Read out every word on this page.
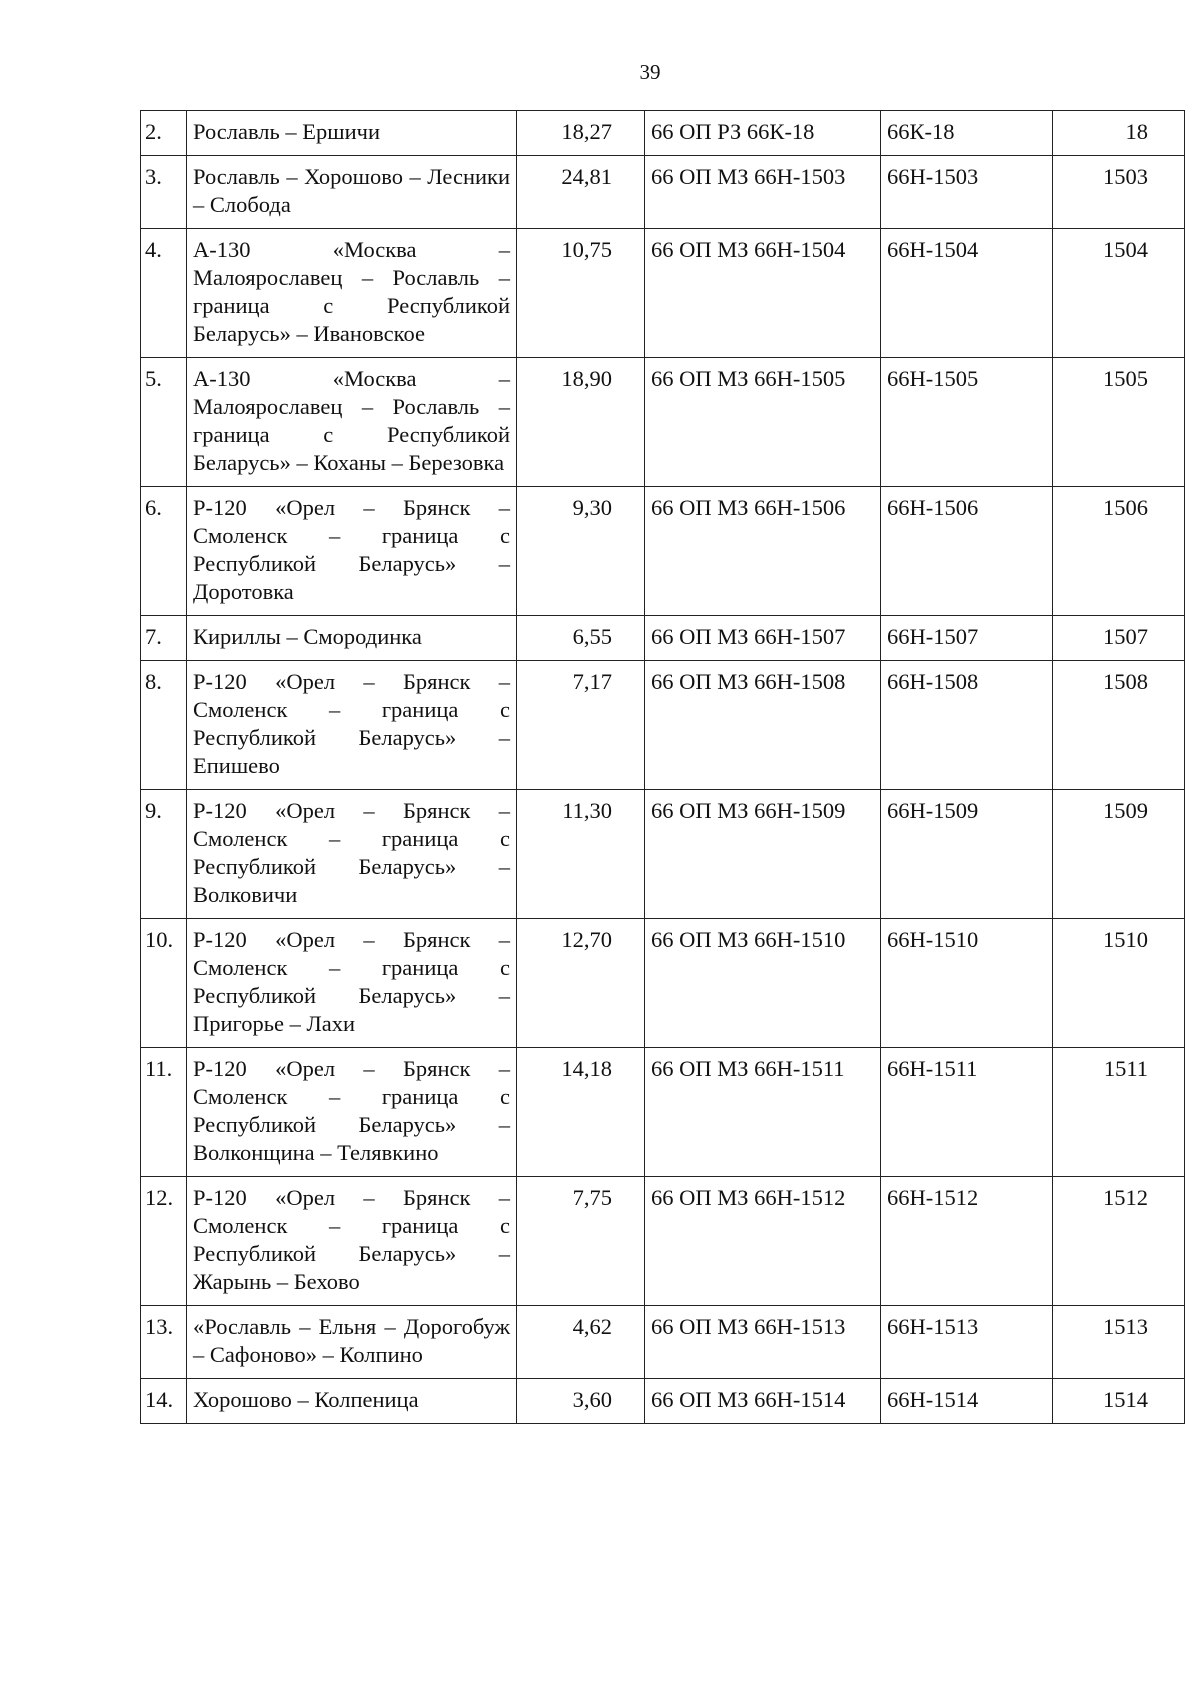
39
2.	Рославль – Ершичи	18,27	66 ОП РЗ 66К-18	66К-18	18
3.	Рославль – Хорошово – Лесники – Слобода	24,81	66 ОП МЗ 66Н-1503	66Н-1503	1503
4.	А-130 «Москва – Малоярославец – Рославль – граница с Республикой Беларусь» – Ивановское	10,75	66 ОП МЗ 66Н-1504	66Н-1504	1504
5.	А-130 «Москва – Малоярославец – Рославль – граница с Республикой Беларусь» – Коханы – Березовка	18,90	66 ОП МЗ 66Н-1505	66Н-1505	1505
6.	Р-120 «Орел – Брянск – Смоленск – граница с Республикой Беларусь» – Доротовка	9,30	66 ОП МЗ 66Н-1506	66Н-1506	1506
7.	Кириллы – Смородинка	6,55	66 ОП МЗ 66Н-1507	66Н-1507	1507
8.	Р-120 «Орел – Брянск – Смоленск – граница с Республикой Беларусь» – Епишево	7,17	66 ОП МЗ 66Н-1508	66Н-1508	1508
9.	Р-120 «Орел – Брянск – Смоленск – граница с Республикой Беларусь» – Волковичи	11,30	66 ОП МЗ 66Н-1509	66Н-1509	1509
10.	Р-120 «Орел – Брянск – Смоленск – граница с Республикой Беларусь» – Пригорье – Лахи	12,70	66 ОП МЗ 66Н-1510	66Н-1510	1510
11.	Р-120 «Орел – Брянск – Смоленск – граница с Республикой Беларусь» – Волконщина – Телявкино	14,18	66 ОП МЗ 66Н-1511	66Н-1511	1511
12.	Р-120 «Орел – Брянск – Смоленск – граница с Республикой Беларусь» – Жарынь – Бехово	7,75	66 ОП МЗ 66Н-1512	66Н-1512	1512
13.	«Рославль – Ельня – Дорогобуж – Сафоново» – Колпино	4,62	66 ОП МЗ 66Н-1513	66Н-1513	1513
14.	Хорошово – Колпеница	3,60	66 ОП МЗ 66Н-1514	66Н-1514	1514
